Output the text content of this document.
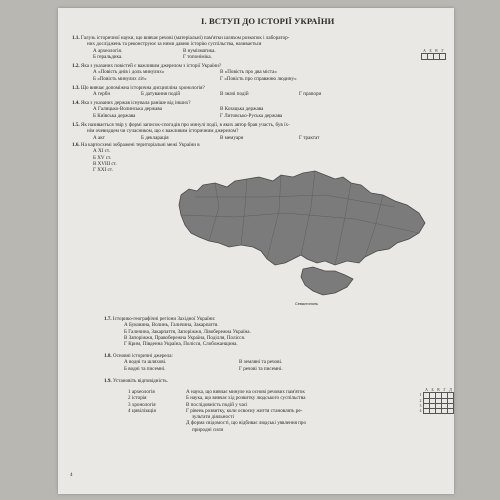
І. ВСТУП ДО ІСТОРІЇ УКРАЇНИ
1.1. Галузь історичної науки, що вивчає речові (матеріальні) пам'ятки шляхом розкопок і лаборатор-
них досліджень та реконструює за ними давню історію суспільства, називається
А археологія.	В нумізматика.
Б геральдика.	Г топоніміка.
А	Б	В	Г

1.2. Яка з указаних повістей є важливим джерелом з історії України?
А «Повість днів і доль минулих»	В «Повість про два міста»
Б «Повість минулих літ»	Г «Повість про справжню людину»
1.3. Що вивчає допоміжна історична дисципліна хронологія?
А герби	Б датування подій	В значі подій	Г прапори
1.4. Яка з указаних держав існувала раніше від інших?
А Галицько-Волинська держава	В Козацька держава
Б Київська держава	Г Литовсько-Руська держава
1.5. Як називається твір у формі записок-спогадів про минулі події, в яких автор брав участь, був їх-
нім очевидцем чи сучасником, що є важливим історичним джерелом?
А акт	Б декларація	В мемуари	Г трактат
1.6. На картосхемі зображені територіальні межі України в
А ХІ ст.
Б ХV ст.
В ХVІІІ ст.
Г ХХІ ст.
Севастополь
1.7. Історико-географічні регіони Західної України:
А Буковина, Волинь, Галичина, Закарпаття.
Б Галичина, Закарпаття, Запоріжжя, Лівобережна Україна.
В Запоріжжя, Правобережна Україна, Поділля, Полісся.
Г Крим, Південна Україна, Полісся, Слобожанщина.
1.8. Основні історичні джерела:
А водні та шляхові.	В земляні та речові.
Б водні та писемні.	Г речові та писемні.
1.9. Установіть відповідність.
1 археологія
2 історія
3 хронологія
4 цивілізація
А наука, що вивчає минуле на основі речових пам'яток
Б наука, що вивчає хід розвитку людського суспільства
В послідовність подій у часі
Г рівень розвитку, коли освоєну життя становлять ре-
зультати діяльності
Д форма свідомості, що відбиває людські уявлення про
природні сили
	А	Б	В	Г	Д
1					
2					
3					
4					
4
